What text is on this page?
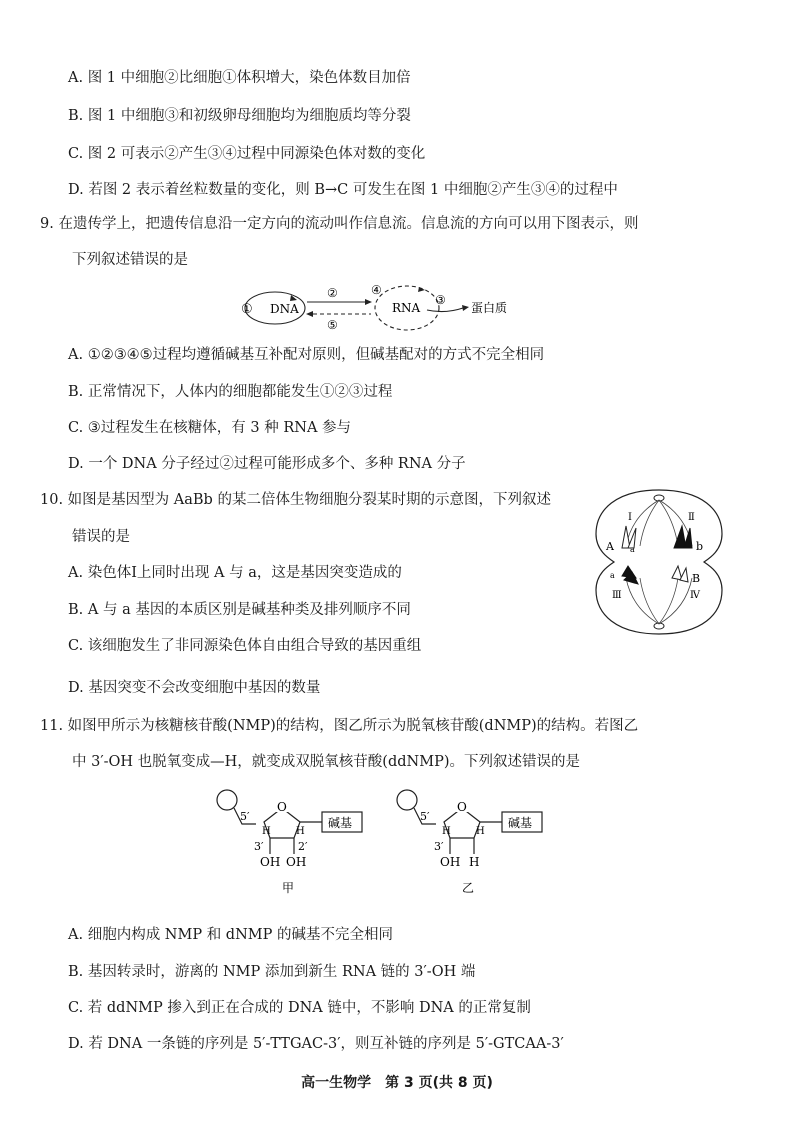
A. 图 1 中细胞②比细胞①体积增大，染色体数目加倍
B. 图 1 中细胞③和初级卵母细胞均为细胞质均等分裂
C. 图 2 可表示②产生③④过程中同源染色体对数的变化
D. 若图 2 表示着丝粒数量的变化，则 B→C 可发生在图 1 中细胞②产生③④的过程中
9. 在遗传学上，把遗传信息沿一定方向的流动叫作信息流。信息流的方向可以用下图表示，则
下列叙述错误的是
① DNA
②
⑤
④
RNA
③
蛋白质
A. ①②③④⑤过程均遵循碱基互补配对原则，但碱基配对的方式不完全相同
B. 正常情况下，人体内的细胞都能发生①②③过程
C. ③过程发生在核糖体，有 3 种 RNA 参与
D. 一个 DNA 分子经过②过程可能形成多个、多种 RNA 分子
10. 如图是基因型为 AaBb 的某二倍体生物细胞分裂某时期的示意图，下列叙述
错误的是
Ⅰ	Ⅱ
A a	b
a	B
Ⅲ	Ⅳ
A. 染色体Ⅰ上同时出现 A 与 a，这是基因突变造成的
B. A 与 a 基因的本质区别是碱基种类及排列顺序不同
C. 该细胞发生了非同源染色体自由组合导致的基因重组
D. 基因突变不会改变细胞中基因的数量
11. 如图甲所示为核糖核苷酸(NMP)的结构，图乙所示为脱氧核苷酸(dNMP)的结构。若图乙
中 3′-OH 也脱氧变成—H，就变成双脱氧核苷酸(ddNMP)。下列叙述错误的是
5′
O
碱基
H	H
3′	2′
OH OH
甲
5′
O
碱基
H	H
3′
OH H
乙
A. 细胞内构成 NMP 和 dNMP 的碱基不完全相同
B. 基因转录时，游离的 NMP 添加到新生 RNA 链的 3′-OH 端
C. 若 ddNMP 掺入到正在合成的 DNA 链中，不影响 DNA 的正常复制
D. 若 DNA 一条链的序列是 5′-TTGAC-3′，则互补链的序列是 5′-GTCAA-3′
高一生物学　第 3 页(共 8 页)
